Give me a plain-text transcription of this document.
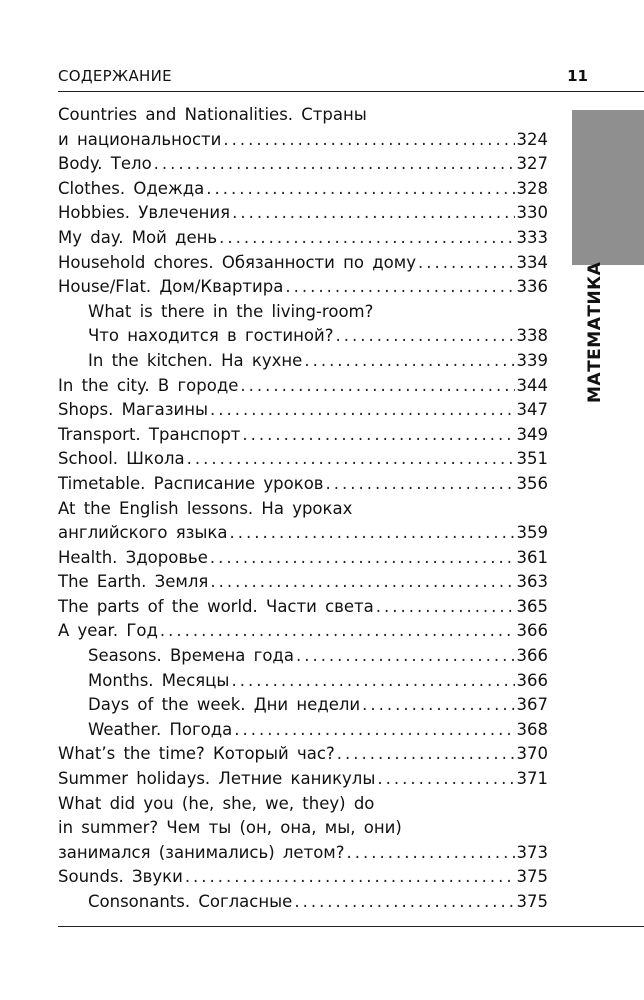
СОДЕРЖАНИЕ	11
МАТЕМАТИКА
Countries and Nationalities. Страны
и национальности .....	324
Body. Тело .....	327
Clothes. Одежда .....	328
Hobbies. Увлечения .....	330
My day. Мой день .....	333
Household chores. Обязанности по дому .....	334
House/Flat. Дом/Квартира .....	336
What is there in the living-room?
Что находится в гостиной? .....	338
In the kitchen. На кухне .....	339
In the city. В городе .....	344
Shops. Магазины .....	347
Transport. Транспорт .....	349
School. Школа .....	351
Timetable. Расписание уроков .....	356
At the English lessons. На уроках
английского языка .....	359
Health. Здоровье .....	361
The Earth. Земля .....	363
The parts of the world. Части света .....	365
A year. Год .....	366
Seasons. Времена года .....	366
Months. Месяцы .....	366
Days of the week. Дни недели .....	367
Weather. Погода .....	368
What’s the time? Который час? .....	370
Summer holidays. Летние каникулы .....	371
What did you (he, she, we, they) do
in summer? Чем ты (он, она, мы, они)
занимался (занимались) летом? .....	373
Sounds. Звуки .....	375
Consonants. Согласные .....	375
